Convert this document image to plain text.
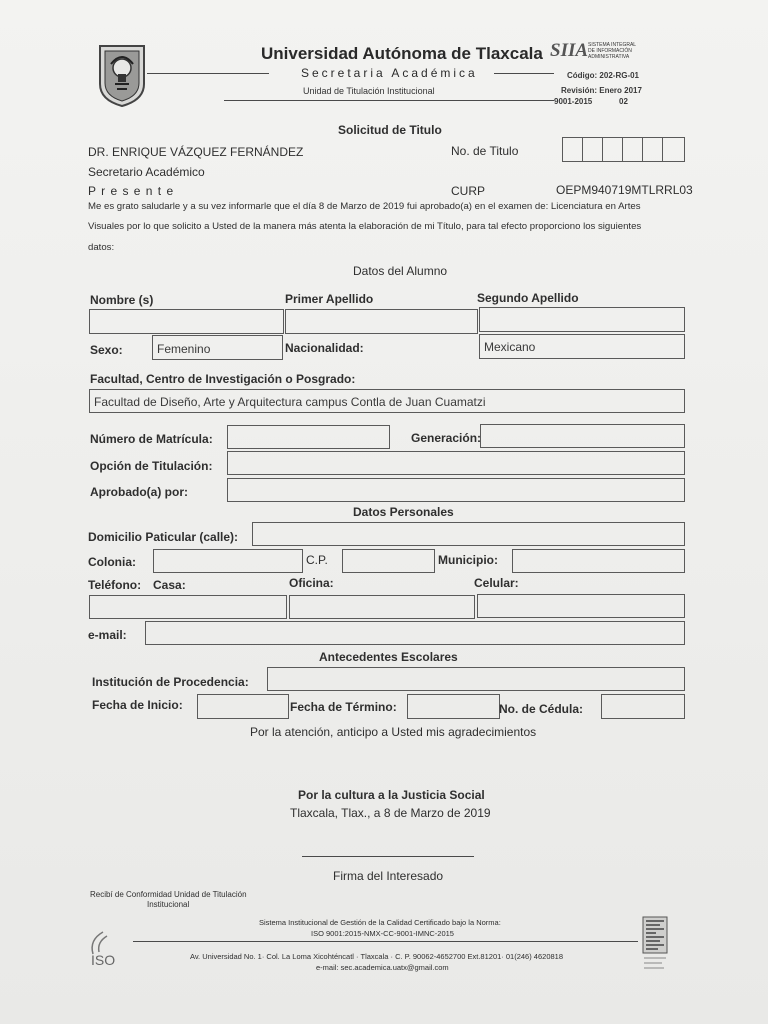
Universidad Autónoma de Tlaxcala
Secretaria Académica
Unidad de Titulación Institucional
SIIA SISTEMA INTEGRAL
DE INFORMACIÓN
ADMINISTRATIVA
Código: 202-RG-01
Revisión: Enero 2017
9001-2015	02
Solicitud de Titulo
DR. ENRIQUE VÁZQUEZ FERNÁNDEZ
Secretario Académico
P r e s e n t e
No. de Titulo
CURP	OEPM940719MTLRRL03
Me es grato saludarle y a su vez informarle que el día 8 de Marzo de 2019 fui aprobado(a) en el examen de: Licenciatura en Artes
Visuales por lo que solicito a Usted de la manera más atenta la elaboración de mi Título, para tal efecto proporciono los siguientes
datos:
Datos del Alumno
Nombre (s)	Primer Apellido	Segundo Apellido
Sexo:	Femenino	Nacionalidad:	Mexicano
Facultad, Centro de Investigación o Posgrado:
Facultad de Diseño, Arte y Arquitectura campus Contla de Juan Cuamatzi
Número de Matrícula:	Generación:
Opción de Titulación:
Aprobado(a) por:
Datos Personales
Domicilio Paticular (calle):
Colonia:	C.P.	Municipio:
Teléfono: Casa:	Oficina:	Celular:
e-mail:
Antecedentes Escolares
Institución de Procedencia:
Fecha de Inicio:	Fecha de Término:	No. de Cédula:
Por la atención, anticipo a Usted mis agradecimientos
Por la cultura a la Justicia Social
Tlaxcala, Tlax., a 8 de Marzo de 2019
Firma del Interesado
Recibí de Conformidad Unidad de Titulación
Institucional
Sistema Institucional de Gestión de la Calidad Certificado bajo la Norma:
ISO 9001:2015-NMX-CC-9001-IMNC-2015
Av. Universidad No. 1· Col. La Loma Xicohténcatl · Tlaxcala · C. P. 90062-4652700 Ext.81201· 01(246) 4620818
e-mail: sec.academica.uatx@gmail.com
ISO
